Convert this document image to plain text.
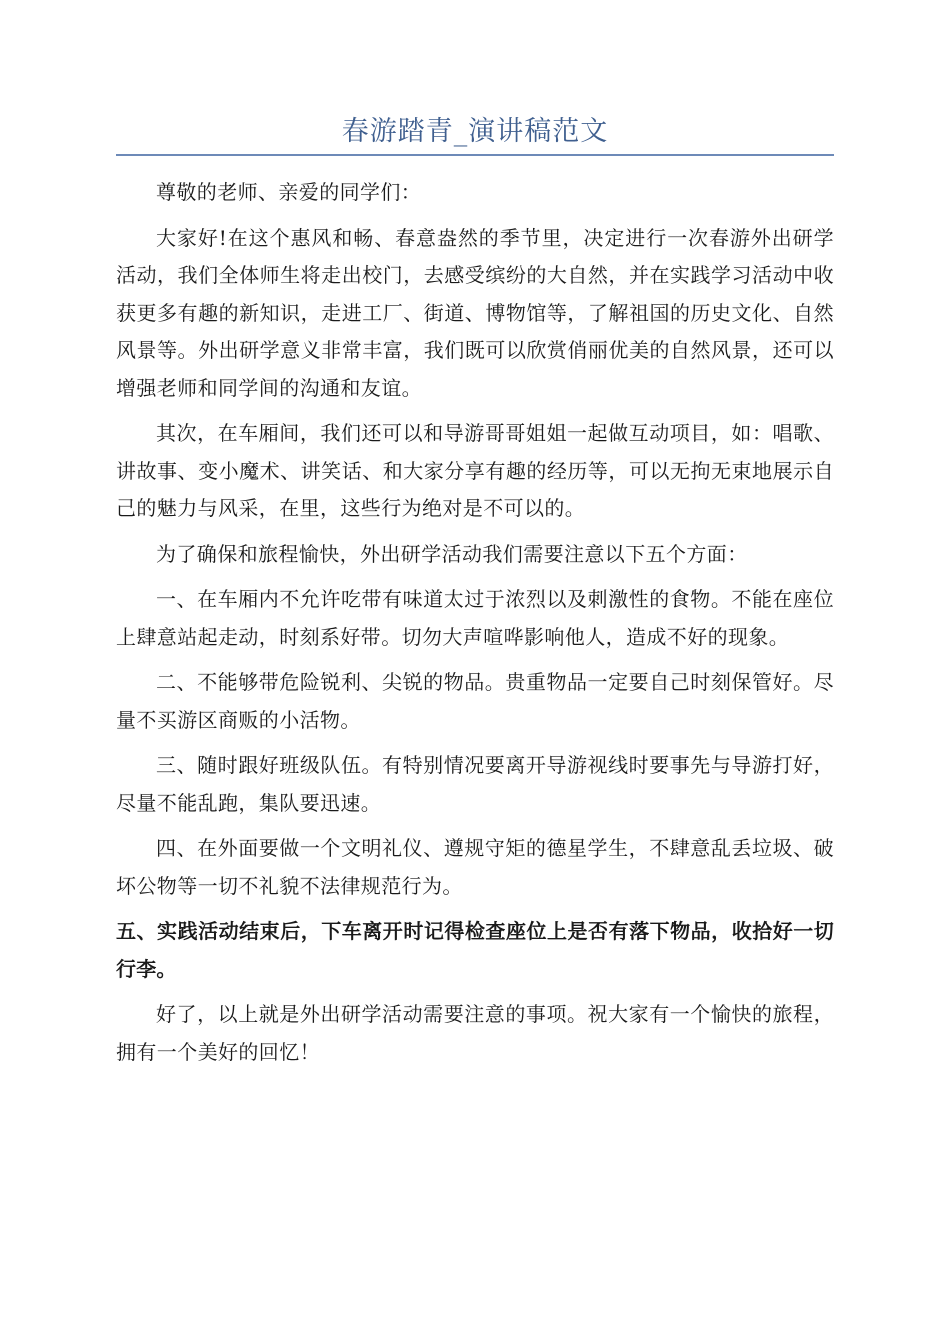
春游踏青_演讲稿范文

尊敬的老师、亲爱的同学们：

大家好!在这个惠风和畅、春意盎然的季节里，决定进行一次春游外出研学活动，我们全体师生将走出校门，去感受缤纷的大自然，并在实践学习活动中收获更多有趣的新知识，走进工厂、街道、博物馆等，了解祖国的历史文化、自然风景等。外出研学意义非常丰富，我们既可以欣赏俏丽优美的自然风景，还可以增强老师和同学间的沟通和友谊。

其次，在车厢间，我们还可以和导游哥哥姐姐一起做互动项目，如：唱歌、讲故事、变小魔术、讲笑话、和大家分享有趣的经历等，可以无拘无束地展示自己的魅力与风采，在里，这些行为绝对是不可以的。

为了确保和旅程愉快，外出研学活动我们需要注意以下五个方面：

一、在车厢内不允许吃带有味道太过于浓烈以及刺激性的食物。不能在座位上肆意站起走动，时刻系好带。切勿大声喧哗影响他人，造成不好的现象。

二、不能够带危险锐利、尖锐的物品。贵重物品一定要自己时刻保管好。尽量不买游区商贩的小活物。

三、随时跟好班级队伍。有特别情况要离开导游视线时要事先与导游打好，尽量不能乱跑，集队要迅速。

四、在外面要做一个文明礼仪、遵规守矩的德星学生，不肆意乱丢垃圾、破坏公物等一切不礼貌不法律规范行为。

五、实践活动结束后，下车离开时记得检查座位上是否有落下物品，收拾好一切行李。

好了，以上就是外出研学活动需要注意的事项。祝大家有一个愉快的旅程，拥有一个美好的回忆！
